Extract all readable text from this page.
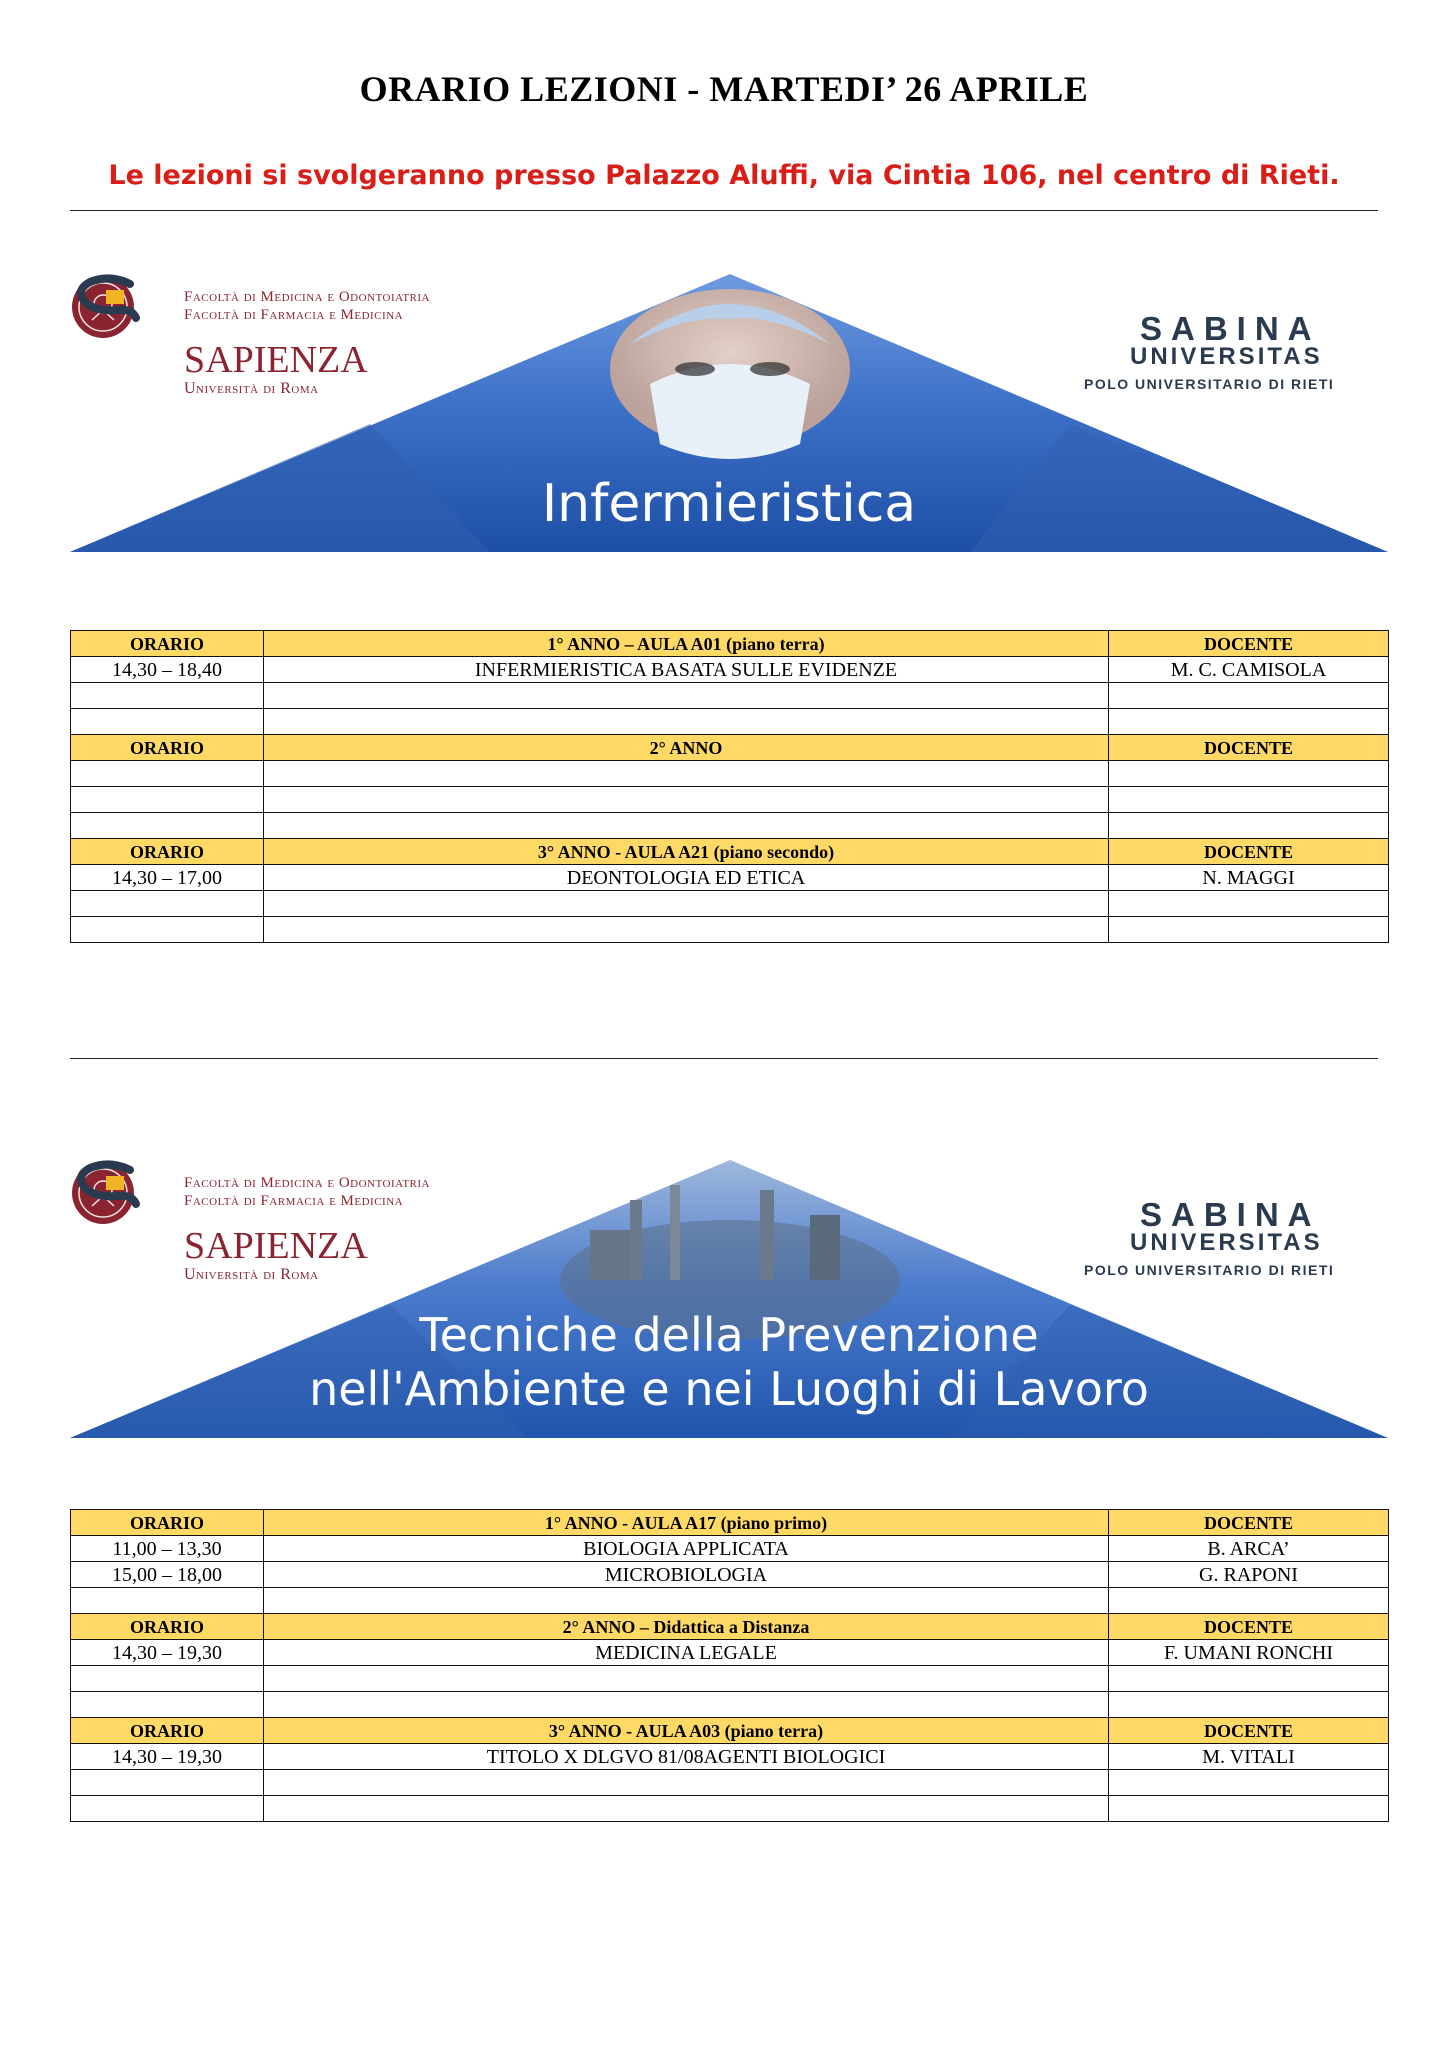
ORARIO LEZIONI - MARTEDI’ 26 APRILE
Le lezioni si svolgeranno presso Palazzo Aluffi, via Cintia 106, nel centro di Rieti.
Facoltà di Medicina e Odontoiatria
Facoltà di Farmacia e Medicina
SAPIENZA
Università di Roma
SABINA
UNIVERSITAS
POLO UNIVERSITARIO DI RIETI
Infermieristica
ORARIO	1° ANNO – AULA A01 (piano terra)	DOCENTE
14,30 – 18,40	INFERMIERISTICA BASATA SULLE EVIDENZE	M. C. CAMISOLA

ORARIO	2° ANNO	DOCENTE

ORARIO	3° ANNO - AULA A21 (piano secondo)	DOCENTE
14,30 – 17,00	DEONTOLOGIA ED ETICA	N. MAGGI

Facoltà di Medicina e Odontoiatria
Facoltà di Farmacia e Medicina
SAPIENZA
Università di Roma
SABINA
UNIVERSITAS
POLO UNIVERSITARIO DI RIETI
Tecniche della Prevenzione
nell'Ambiente e nei Luoghi di Lavoro
ORARIO	1° ANNO - AULA A17 (piano primo)	DOCENTE
11,00 – 13,30	BIOLOGIA APPLICATA	B. ARCA’
15,00 – 18,00	MICROBIOLOGIA	G. RAPONI

ORARIO	2° ANNO – Didattica a Distanza	DOCENTE
14,30 – 19,30	MEDICINA LEGALE	F. UMANI RONCHI

ORARIO	3° ANNO - AULA A03 (piano terra)	DOCENTE
14,30 – 19,30	TITOLO X DLGVO 81/08AGENTI BIOLOGICI	M. VITALI
